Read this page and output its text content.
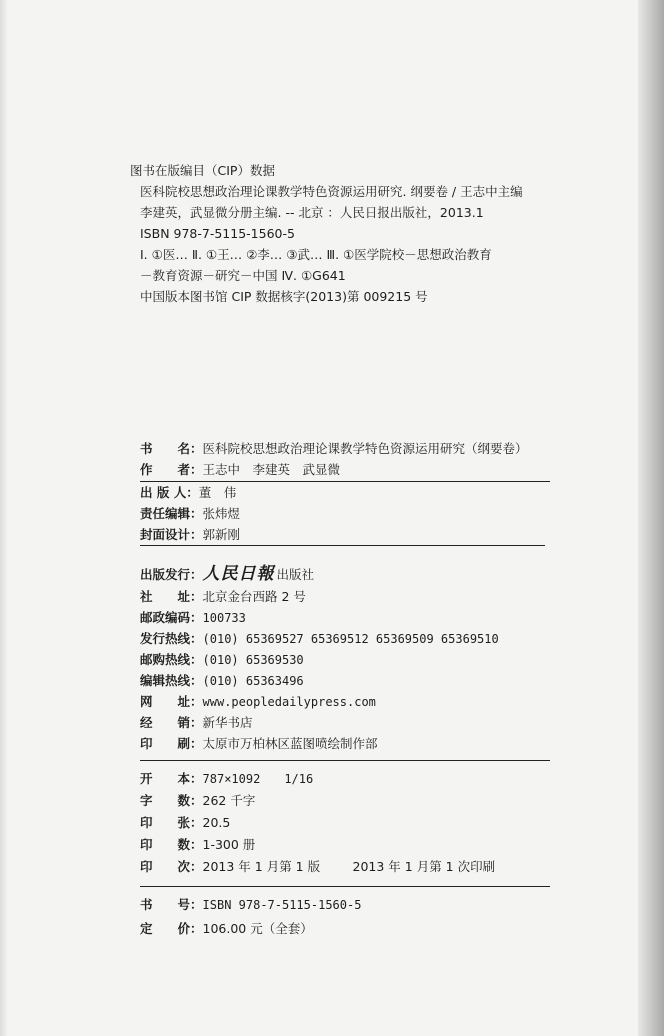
图书在版编目（CIP）数据
医科院校思想政治理论课教学特色资源运用研究. 纲要卷 / 王志中主编
李建英，武显微分册主编. -- 北京 ：人民日报出版社，2013.1
ISBN 978-7-5115-1560-5
Ⅰ. ①医… Ⅱ. ①王… ②李… ③武… Ⅲ. ①医学院校－思想政治教育
－教育资源－研究－中国 Ⅳ. ①G641
中国版本图书馆 CIP 数据核字(2013)第 009215 号
书　　名： 医科院校思想政治理论课教学特色资源运用研究（纲要卷）
作　　者： 王志中　李建英　武显微
出 版 人： 董　伟
责任编辑： 张炜煜
封面设计： 郭新刚
出版发行： 人民日報 出版社
社　　址： 北京金台西路 2 号
邮政编码： 100733
发行热线： (010) 65369527 65369512 65369509 65369510
邮购热线： (010) 65369530
编辑热线： (010) 65363496
网　　址： www.peopledailypress.com
经　　销： 新华书店
印　　刷： 太原市万柏林区蓝图喷绘制作部
开　　本： 787×1092　　1/16
字　　数： 262 千字
印　　张： 20.5
印　　数： 1-300 册
印　　次： 2013 年 1 月第 1 版	2013 年 1 月第 1 次印刷
书　　号： ISBN 978-7-5115-1560-5
定　　价： 106.00 元（全套）
